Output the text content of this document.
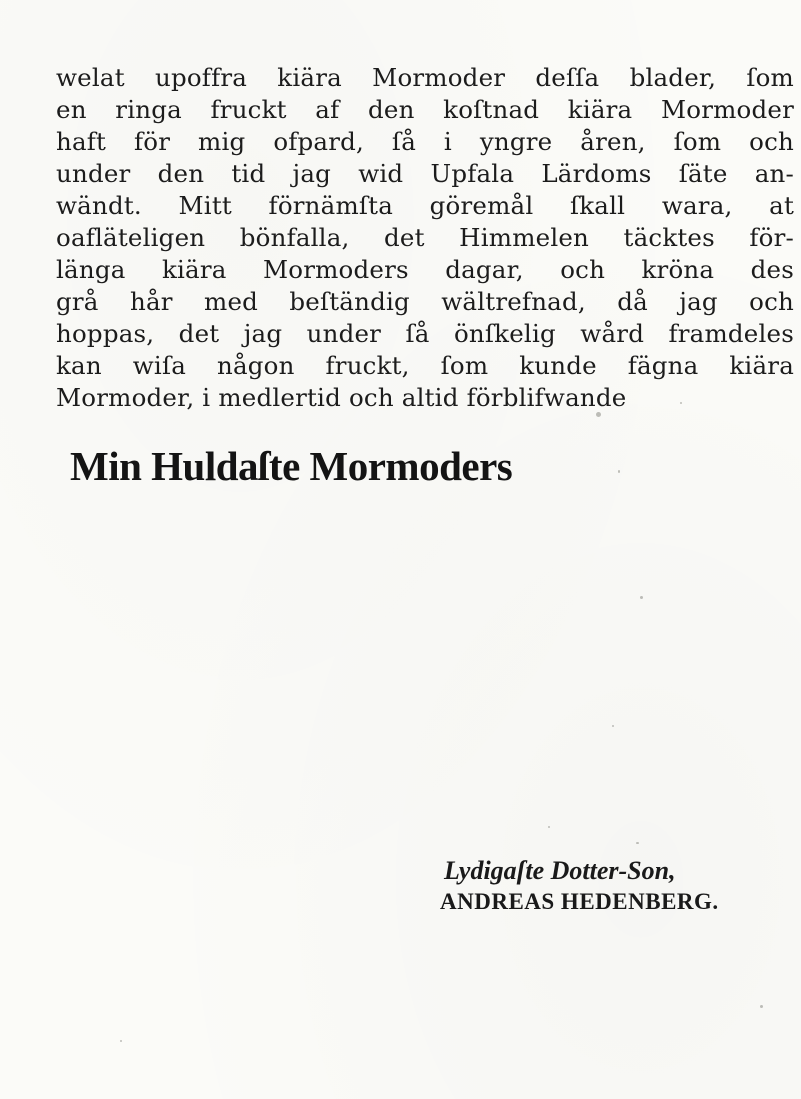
welat upoffra kiära Mormoder deſſa blader, ſom
en ringa fruckt af den koſtnad kiära Mormoder
haft för mig ofpard, ſå i yngre åren, ſom och
under den tid jag wid Upfala Lärdoms ſäte an-
wändt. Mitt förnämſta göremål ſkall wara, at
oafläteligen bönfalla, det Himmelen täcktes för-
länga kiära Mormoders dagar, och kröna des
grå hår med beſtändig wältrefnad, då jag och
hoppas, det jag under ſå önſkelig wård framdeles
kan wiſa någon fruckt, ſom kunde fägna kiära
Mormoder, i medlertid och altid förblifwande
Min Huldaſte Mormoders
Lydigaſte Dotter-Son,
ANDREAS HEDENBERG.
